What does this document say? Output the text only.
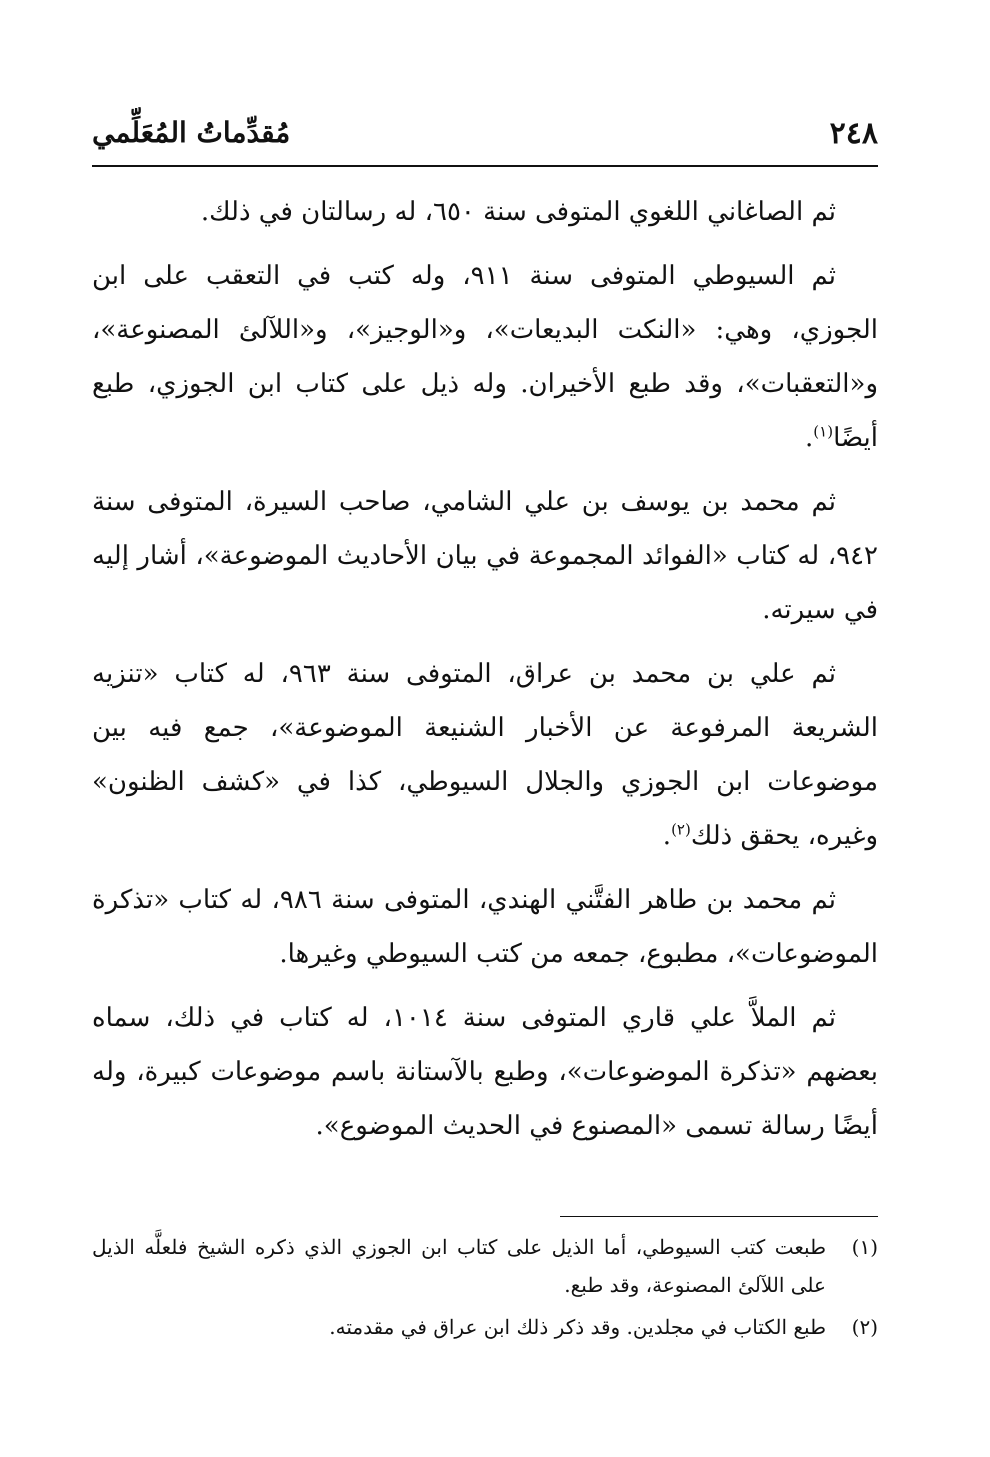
٢٤٨
مُقدِّماتُ المُعَلِّمي

ثم الصاغاني اللغوي المتوفى سنة ٦٥٠، له رسالتان في ذلك.

ثم السيوطي المتوفى سنة ٩١١، وله كتب في التعقب على ابن الجوزي، وهي: «النكت البديعات»، و«الوجيز»، و«اللآلئ المصنوعة»، و«التعقبات»، وقد طبع الأخيران. وله ذيل على كتاب ابن الجوزي، طبع أيضًا$^{(١)}$.

ثم محمد بن يوسف بن علي الشامي، صاحب السيرة، المتوفى سنة ٩٤٢، له كتاب «الفوائد المجموعة في بيان الأحاديث الموضوعة»، أشار إليه في سيرته.

ثم علي بن محمد بن عراق، المتوفى سنة ٩٦٣، له كتاب «تنزيه الشريعة المرفوعة عن الأخبار الشنيعة الموضوعة»، جمع فيه بين موضوعات ابن الجوزي والجلال السيوطي، كذا في «كشف الظنون» وغيره، يحقق ذلك$^{(٢)}$.

ثم محمد بن طاهر الفتَّني الهندي، المتوفى سنة ٩٨٦، له كتاب «تذكرة الموضوعات»، مطبوع، جمعه من كتب السيوطي وغيرها.

ثم الملاَّ علي قاري المتوفى سنة ١٠١٤، له كتاب في ذلك، سماه بعضهم «تذكرة الموضوعات»، وطبع بالآستانة باسم موضوعات كبيرة، وله أيضًا رسالة تسمى «المصنوع في الحديث الموضوع».

(١)
طبعت كتب السيوطي، أما الذيل على كتاب ابن الجوزي الذي ذكره الشيخ فلعلَّه الذيل على اللآلئ المصنوعة، وقد طبع.
(٢)
طبع الكتاب في مجلدين. وقد ذكر ذلك ابن عراق في مقدمته.
